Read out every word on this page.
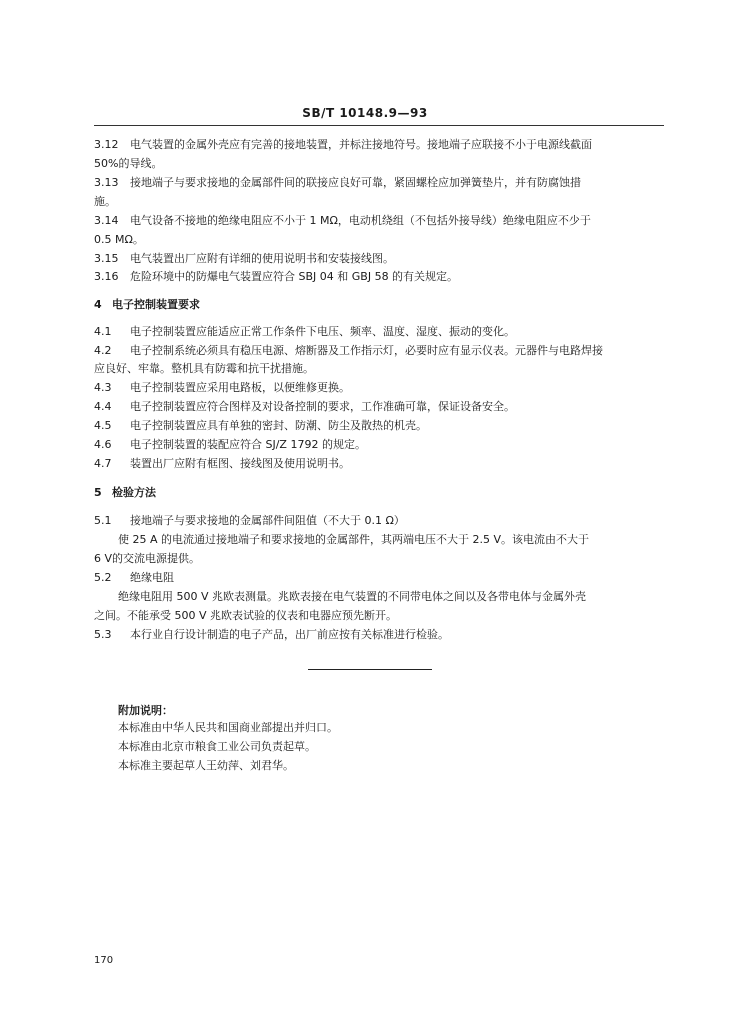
SB/T 10148.9—93
3.12 电气装置的金属外壳应有完善的接地装置，并标注接地符号。接地端子应联接不小于电源线截面
50%的导线。
3.13 接地端子与要求接地的金属部件间的联接应良好可靠，紧固螺栓应加弹簧垫片，并有防腐蚀措
施。
3.14 电气设备不接地的绝缘电阻应不小于 1 MΩ，电动机绕组（不包括外接导线）绝缘电阻应不少于
0.5 MΩ。
3.15 电气装置出厂应附有详细的使用说明书和安装接线图。
3.16 危险环境中的防爆电气装置应符合 SBJ 04 和 GBJ 58 的有关规定。
4 电子控制装置要求
4.1 电子控制装置应能适应正常工作条件下电压、频率、温度、湿度、振动的变化。
4.2 电子控制系统必须具有稳压电源、熔断器及工作指示灯，必要时应有显示仪表。元器件与电路焊接
应良好、牢靠。整机具有防霉和抗干扰措施。
4.3 电子控制装置应采用电路板，以便维修更换。
4.4 电子控制装置应符合图样及对设备控制的要求，工作准确可靠，保证设备安全。
4.5 电子控制装置应具有单独的密封、防潮、防尘及散热的机壳。
4.6 电子控制装置的装配应符合 SJ/Z 1792 的规定。
4.7 装置出厂应附有框图、接线图及使用说明书。
5 检验方法
5.1 接地端子与要求接地的金属部件间阻值（不大于 0.1 Ω）
使 25 A 的电流通过接地端子和要求接地的金属部件，其两端电压不大于 2.5 V。该电流由不大于
6 V的交流电源提供。
5.2 绝缘电阻
绝缘电阻用 500 V 兆欧表测量。兆欧表接在电气装置的不同带电体之间以及各带电体与金属外壳
之间。不能承受 500 V 兆欧表试验的仪表和电器应预先断开。
5.3 本行业自行设计制造的电子产品，出厂前应按有关标准进行检验。
附加说明：
本标准由中华人民共和国商业部提出并归口。
本标准由北京市粮食工业公司负责起草。
本标准主要起草人王幼萍、刘君华。
170
